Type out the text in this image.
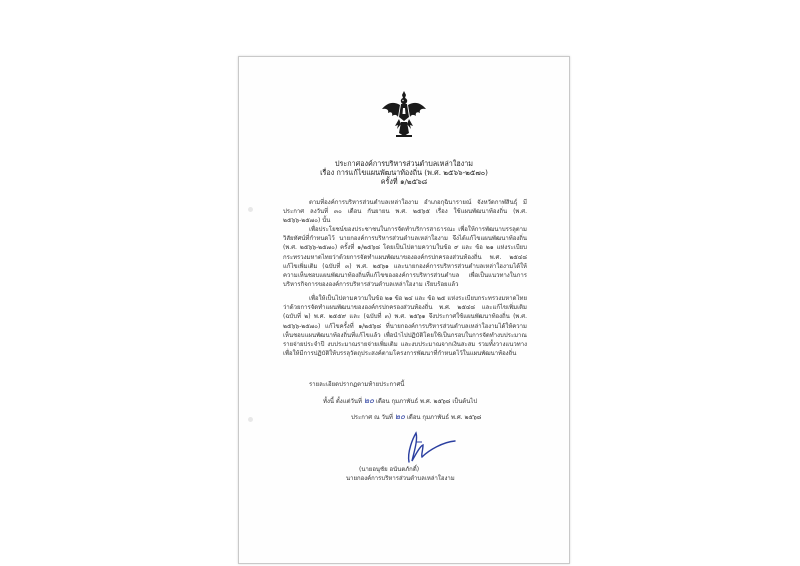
ประกาศองค์การบริหารส่วนตำบลเหล่าใฮงาม
เรื่อง การแก้ไขแผนพัฒนาท้องถิ่น (พ.ศ. ๒๕๖๖-๒๕๗๐)
ครั้งที่ ๑/๒๕๖๘
ตามที่องค์การบริหารส่วนตำบลเหล่าใฮงาม อำเภอกุฉินารายณ์ จังหวัดกาฬสินธุ์ มีประกาศ ลงวันที่ ๓๐ เดือน กันยายน พ.ศ. ๒๕๖๕ เรื่อง ใช้แผนพัฒนาท้องถิ่น (พ.ศ. ๒๕๖๖-๒๕๗๐) นั้น
เพื่อประโยชน์ของประชาชนในการจัดทำบริการสาธารณะ เพื่อให้การพัฒนาบรรลุตามวิสัยทัศน์ที่กำหนดไว้ นายกองค์การบริหารส่วนตำบลเหล่าใฮงาม จึงได้แก้ไขแผนพัฒนาท้องถิ่น (พ.ศ. ๒๕๖๖-๒๕๗๐) ครั้งที่ ๑/๒๕๖๘ โดยเป็นไปตามความในข้อ ๙ และ ข้อ ๒๑ แห่งระเบียบกระทรวงมหาดไทยว่าด้วยการจัดทำแผนพัฒนาขององค์กรปกครองส่วนท้องถิ่น พ.ศ. ๒๕๔๘ แก้ไขเพิ่มเติม (ฉบับที่ ๓) พ.ศ. ๒๕๖๑ และนายกองค์การบริหารส่วนตำบลเหล่าใฮงามได้ให้ความเห็นชอบแผนพัฒนาท้องถิ่นที่แก้ไขขององค์การบริหารส่วนตำบล เพื่อเป็นแนวทางในการบริหารกิจการขององค์การบริหารส่วนตำบลเหล่าใฮงาม เรียบร้อยแล้ว
เพื่อให้เป็นไปตามความในข้อ ๒๑ ข้อ ๒๔ และ ข้อ ๒๕ แห่งระเบียบกระทรวงมหาดไทยว่าด้วยการจัดทำแผนพัฒนาขององค์กรปกครองส่วนท้องถิ่น พ.ศ. ๒๕๔๘ และแก้ไขเพิ่มเติม (ฉบับที่ ๒) พ.ศ. ๒๕๕๙ และ (ฉบับที่ ๓) พ.ศ. ๒๕๖๑ จึงประกาศใช้แผนพัฒนาท้องถิ่น (พ.ศ. ๒๕๖๖-๒๕๗๐) แก้ไขครั้งที่ ๑/๒๕๖๘ ที่นายกองค์การบริหารส่วนตำบลเหล่าใฮงามได้ให้ความเห็นชอบแผนพัฒนาท้องถิ่นที่แก้ไขแล้ว เพื่อนำไปปฏิบัติโดยใช้เป็นกรอบในการจัดทำงบประมาณรายจ่ายประจำปี งบประมาณรายจ่ายเพิ่มเติม และงบประมาณจากเงินสะสม รวมทั้งวางแนวทางเพื่อให้มีการปฏิบัติให้บรรลุวัตถุประสงค์ตามโครงการพัฒนาที่กำหนดไว้ในแผนพัฒนาท้องถิ่น
รายละเอียดปรากฏตามท้ายประกาศนี้
ทั้งนี้ ตั้งแต่วันที่ ๒๐ เดือน กุมภาพันธ์ พ.ศ. ๒๕๖๘ เป็นต้นไป
ประกาศ ณ วันที่ ๒๐ เดือน กุมภาพันธ์ พ.ศ. ๒๕๖๘
(นายอนุชัย อนันตภักดิ์)
นายกองค์การบริหารส่วนตำบลเหล่าใฮงาม
